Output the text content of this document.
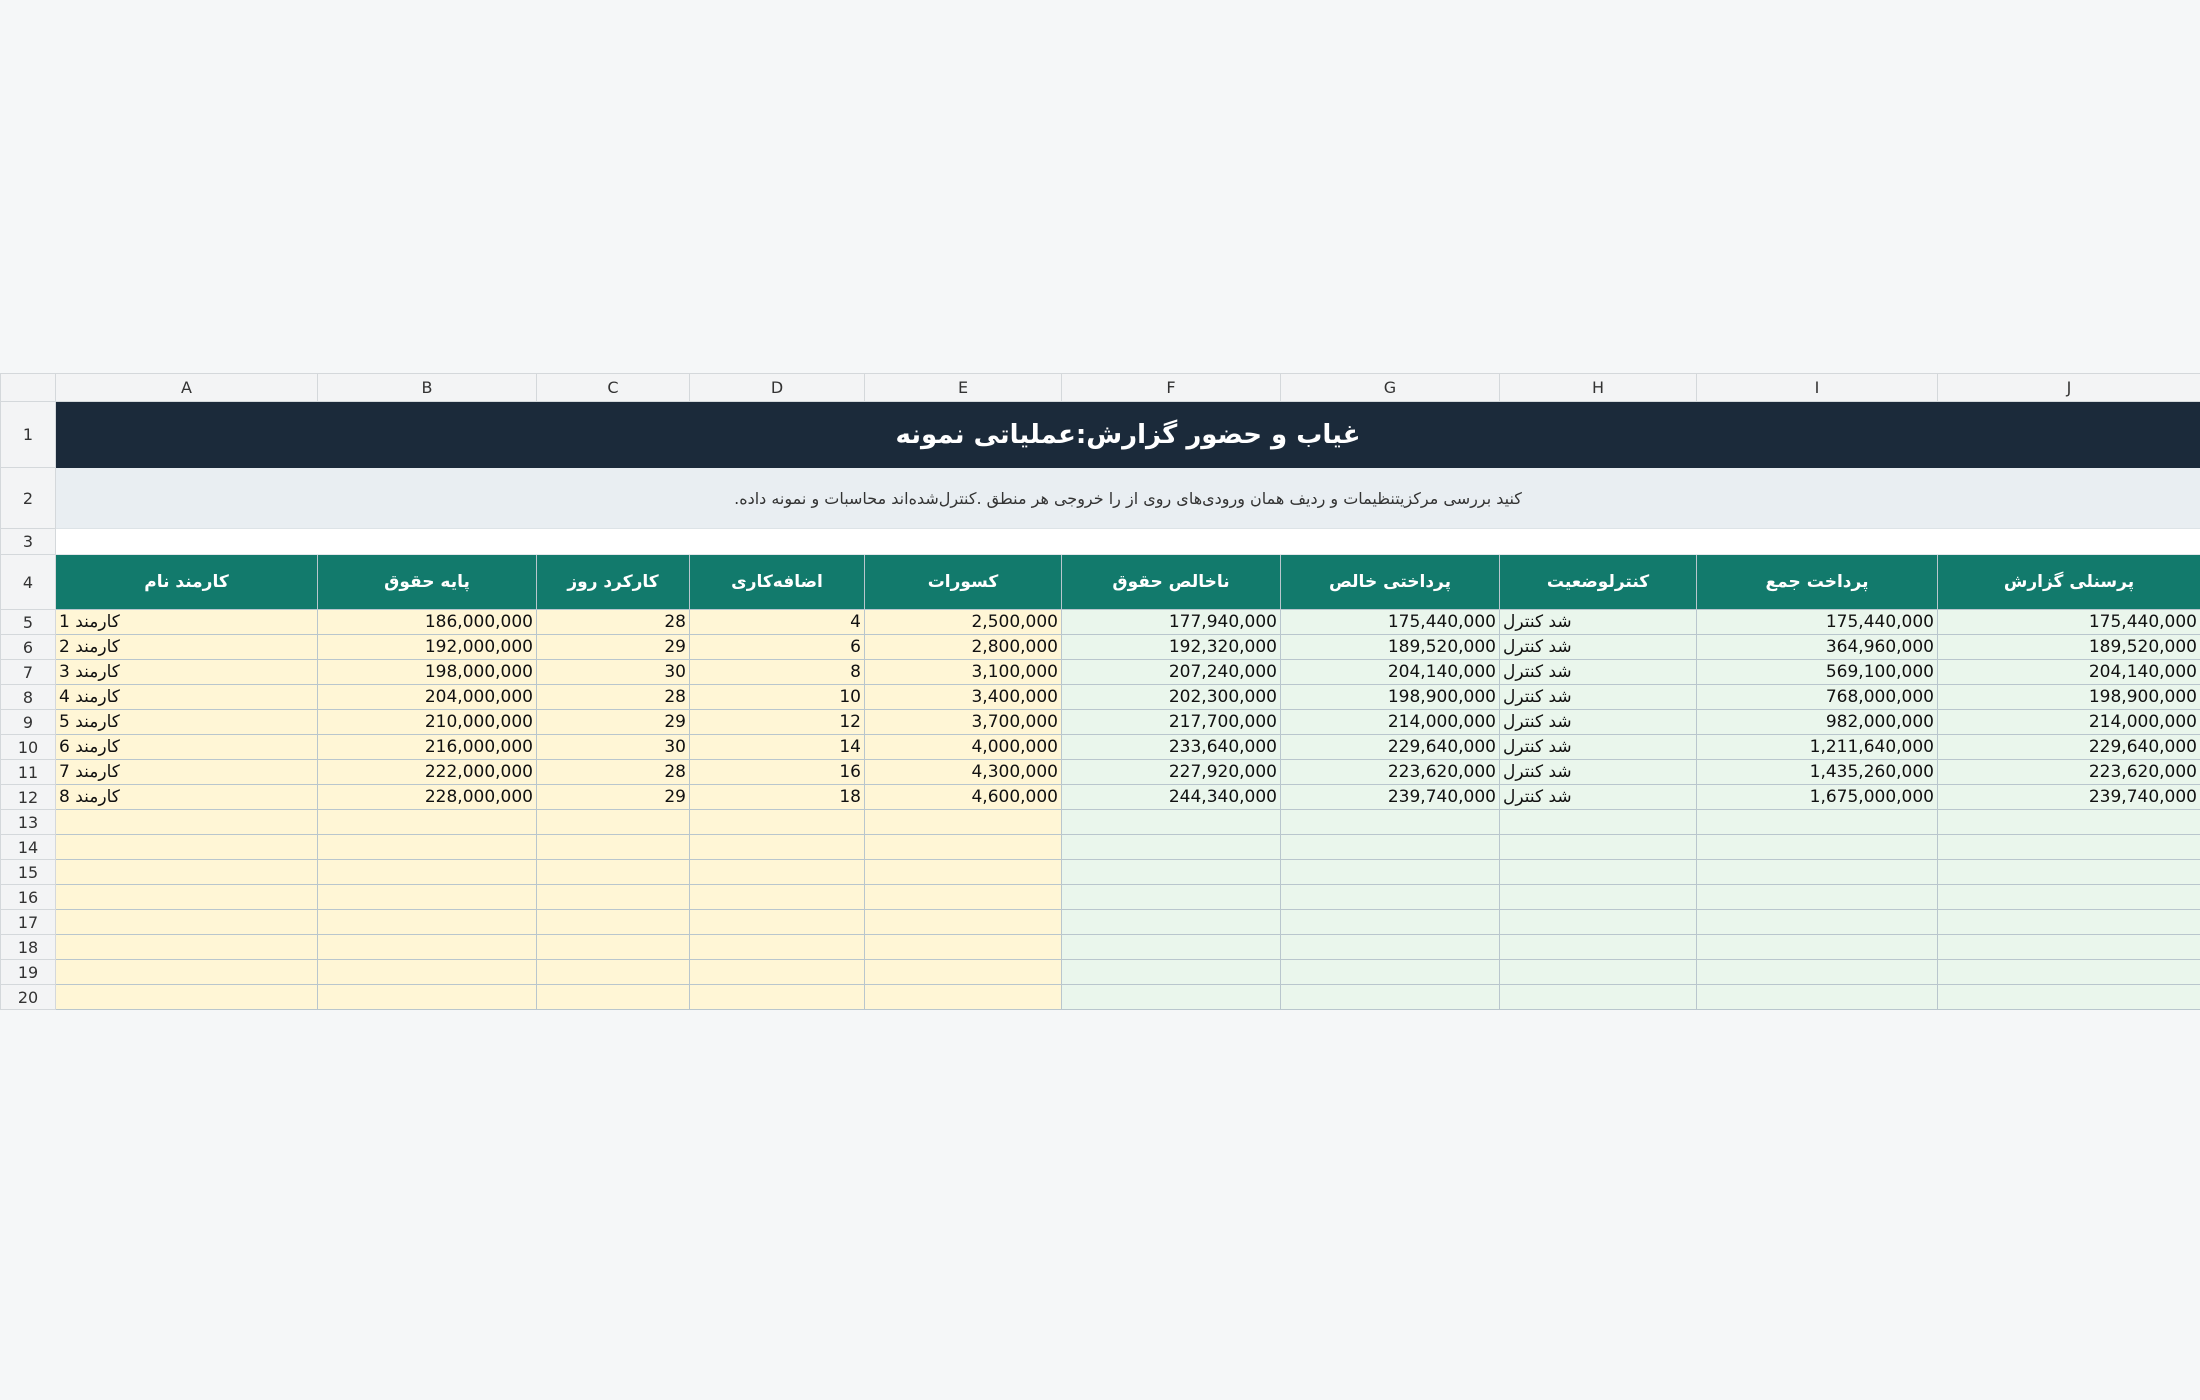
	A	B	C	D	E	F	G	H	I	J
1	غیاب و حضور گزارش:عملیاتی نمونه									
2	.کنید بررسی مرکزیتنظیمات و ردیف همان ورودی‌های روی از را خروجی هر منطق .کنترل‌شده‌اند محاسبات و نمونه داده									
3										
4	کارمند نام	پایه حقوق	کارکرد روز	اضافه‌کاری	کسورات	ناخالص حقوق	پرداختی خالص	کنترلوضعیت	پرداخت جمع	پرسنلی گزارش
5	1 کارمند	186,000,000	28	4	2,500,000	177,940,000	175,440,000	شد کنترل	175,440,000	175,440,000
6	2 کارمند	192,000,000	29	6	2,800,000	192,320,000	189,520,000	شد کنترل	364,960,000	189,520,000
7	3 کارمند	198,000,000	30	8	3,100,000	207,240,000	204,140,000	شد کنترل	569,100,000	204,140,000
8	4 کارمند	204,000,000	28	10	3,400,000	202,300,000	198,900,000	شد کنترل	768,000,000	198,900,000
9	5 کارمند	210,000,000	29	12	3,700,000	217,700,000	214,000,000	شد کنترل	982,000,000	214,000,000
10	6 کارمند	216,000,000	30	14	4,000,000	233,640,000	229,640,000	شد کنترل	1,211,640,000	229,640,000
11	7 کارمند	222,000,000	28	16	4,300,000	227,920,000	223,620,000	شد کنترل	1,435,260,000	223,620,000
12	8 کارمند	228,000,000	29	18	4,600,000	244,340,000	239,740,000	شد کنترل	1,675,000,000	239,740,000
13										
14										
15										
16										
17										
18										
19										
20										
